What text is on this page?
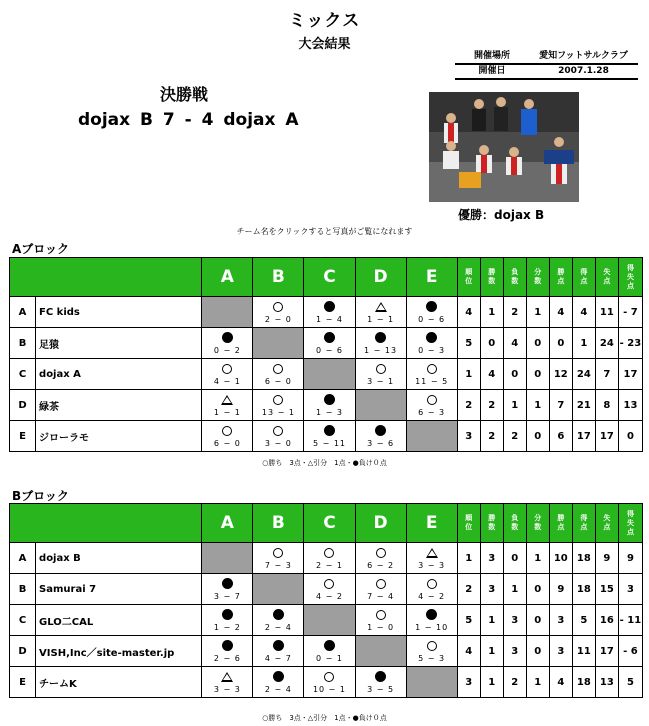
ミックス
大会結果
開催場所	愛知フットサルクラブ
開催日	2007.1.28
決勝戦
dojax B 7 - 4 dojax A
優勝：dojax B
チーム名をクリックすると写真がご覧になれます
Aブロック
		A	B	C	D	E	順位	勝数	負数	分数	勝点	得点	失点	得失点
A	FC kids		2 − 0	1 − 4	1 − 1	0 − 6	4	1	2	1	4	4	11	- 7
B	足猿	0 − 2		0 − 6	1 − 13	0 − 3	5	0	4	0	0	1	24	- 23
C	dojax A	4 − 1	6 − 0		3 − 1	11 − 5	1	4	0	0	12	24	7	17
D	緑茶	1 − 1	13 − 1	1 − 3		6 − 3	2	2	1	1	7	21	8	13
E	ジローラモ	6 − 0	3 − 0	5 − 11	3 − 6		3	2	2	0	6	17	17	0
○勝ち　3点・△引分　1点・●負け０点
Bブロック
		A	B	C	D	E	順位	勝数	負数	分数	勝点	得点	失点	得失点
A	dojax B		7 − 3	2 − 1	6 − 2	3 − 3	1	3	0	1	10	18	9	9
B	Samurai 7	3 − 7		4 − 2	7 − 4	4 − 2	2	3	1	0	9	18	15	3
C	GLO二CAL	1 − 2	2 − 4		1 − 0	1 − 10	5	1	3	0	3	5	16	- 11
D	VISH,Inc／site-master.jp	2 − 6	4 − 7	0 − 1		5 − 3	4	1	3	0	3	11	17	- 6
E	チームK	3 − 3	2 − 4	10 − 1	3 − 5		3	1	2	1	4	18	13	5
○勝ち　3点・△引分　1点・●負け０点
